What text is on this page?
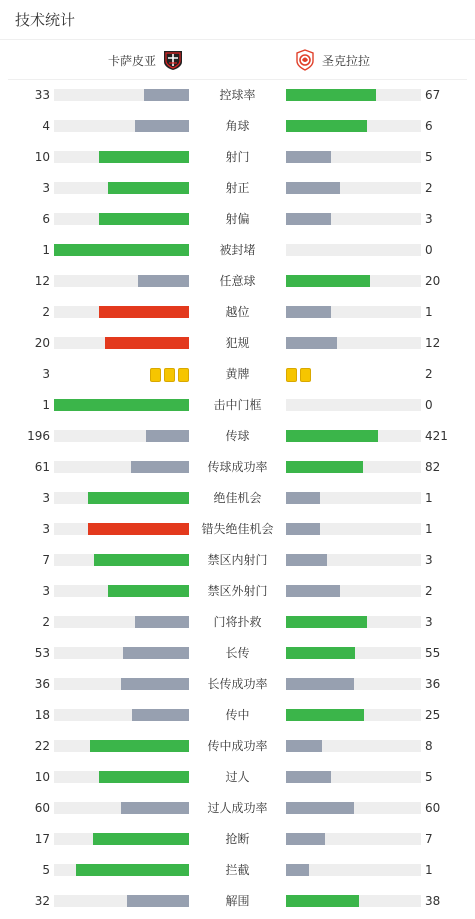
技术统计
卡萨皮亚	圣克拉拉
33	控球率	67
4	角球	6
10	射门	5
3	射正	2
6	射偏	3
1	被封堵	0
12	任意球	20
2	越位	1
20	犯规	12
3	黄牌	2
1	击中门框	0
196	传球	421
61	传球成功率	82
3	绝佳机会	1
3	错失绝佳机会	1
7	禁区内射门	3
3	禁区外射门	2
2	门将扑救	3
53	长传	55
36	长传成功率	36
18	传中	25
22	传中成功率	8
10	过人	5
60	过人成功率	60
17	抢断	7
5	拦截	1
32	解围	38
